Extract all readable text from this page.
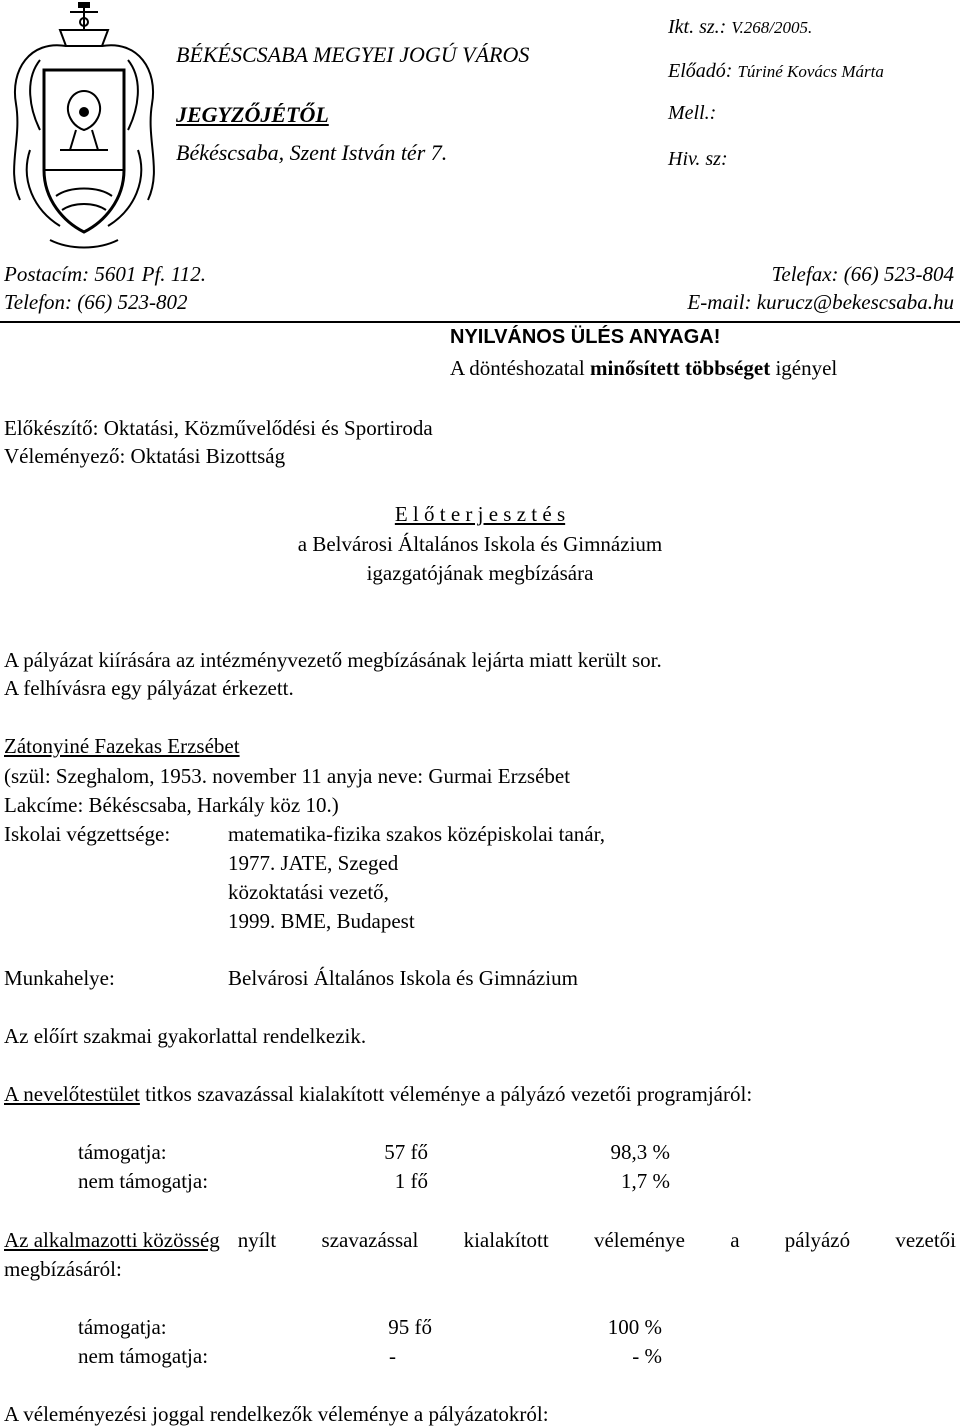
BÉKÉSCSABA MEGYEI JOGÚ VÁROS
JEGYZŐJÉTŐL
Békéscsaba, Szent István tér 7.
Ikt. sz.: V.268/2005.
Előadó: Túriné Kovács Márta
Mell.:
Hiv. sz:
Postacím: 5601 Pf. 112.
Telefon: (66) 523-802
Telefax: (66) 523-804
E-mail: kurucz@bekescsaba.hu
NYILVÁNOS ÜLÉS ANYAGA!
A döntéshozatal minősített többséget igényel
Előkészítő: Oktatási, Közművelődési és Sportiroda
Véleményező: Oktatási Bizottság
E l ő t e r j e s z t é s
a Belvárosi Általános Iskola és Gimnázium
igazgatójának megbízására
A pályázat kiírására az intézményvezető megbízásának lejárta miatt került sor.
A felhívásra egy pályázat érkezett.
Zátonyiné Fazekas Erzsébet
(szül: Szeghalom, 1953. november 11 anyja neve: Gurmai Erzsébet
Lakcíme: Békéscsaba, Harkály köz 10.)
Iskolai végzettsége:	matematika-fizika szakos középiskolai tanár,
1977. JATE, Szeged
közoktatási vezető,
1999. BME, Budapest
Munkahelye:	Belvárosi Általános Iskola és Gimnázium
Az előírt szakmai gyakorlattal rendelkezik.
A nevelőtestület titkos szavazással kialakított véleménye a pályázó vezetői programjáról:
támogatja:	57 fő	98,3 %
nem támogatja:	1 fő	1,7 %
Az alkalmazotti közösség nyílt szavazással kialakított véleménye a pályázó vezetői
megbízásáról:
támogatja:	95 fő	100 %
nem támogatja:	-	- %
A véleményezési joggal rendelkezők véleménye a pályázatokról:
